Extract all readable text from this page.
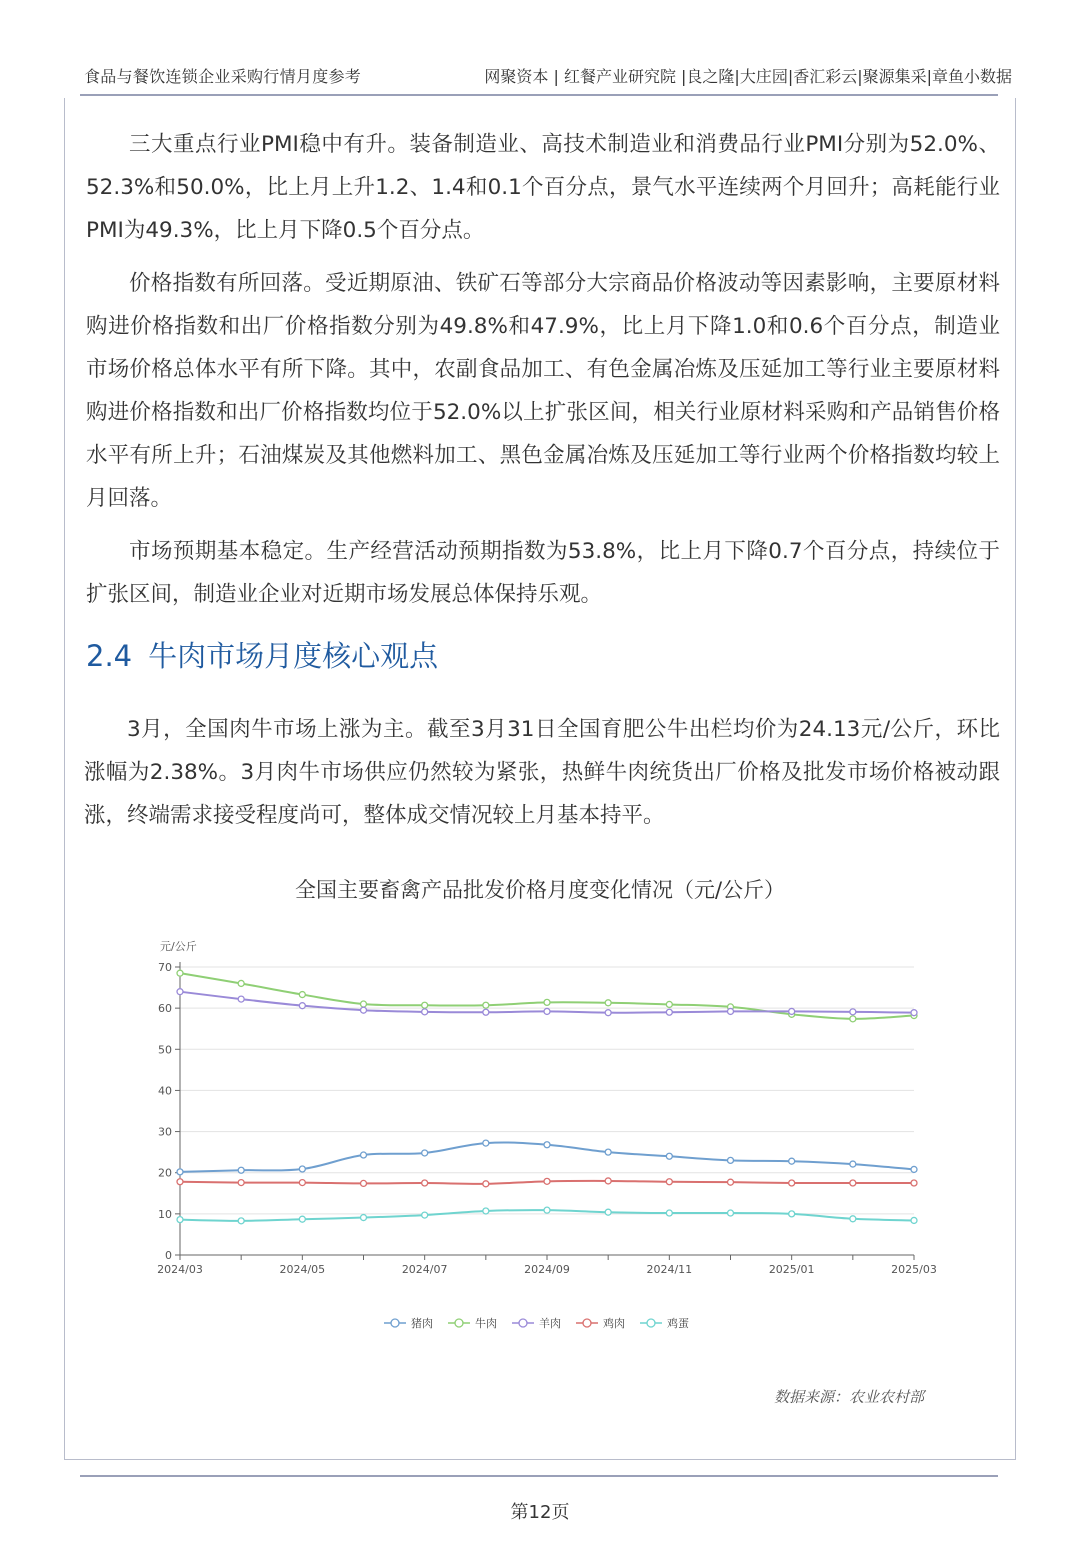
食品与餐饮连锁企业采购行情月度参考	网聚资本 | 红餐产业研究院 |良之隆|大庄园|香汇彩云|聚源集采|章鱼小数据

三大重点行业PMI稳中有升。装备制造业、高技术制造业和消费品行业PMI分别为52.0%、52.3%和50.0%，比上月上升1.2、1.4和0.1个百分点，景气水平连续两个月回升；高耗能行业PMI为49.3%，比上月下降0.5个百分点。

价格指数有所回落。受近期原油、铁矿石等部分大宗商品价格波动等因素影响，主要原材料购进价格指数和出厂价格指数分别为49.8%和47.9%，比上月下降1.0和0.6个百分点，制造业市场价格总体水平有所下降。其中，农副食品加工、有色金属冶炼及压延加工等行业主要原材料购进价格指数和出厂价格指数均位于52.0%以上扩张区间，相关行业原材料采购和产品销售价格水平有所上升；石油煤炭及其他燃料加工、黑色金属冶炼及压延加工等行业两个价格指数均较上月回落。

市场预期基本稳定。生产经营活动预期指数为53.8%，比上月下降0.7个百分点，持续位于扩张区间，制造业企业对近期市场发展总体保持乐观。

2.4 牛肉市场月度核心观点

3月，全国肉牛市场上涨为主。截至3月31日全国育肥公牛出栏均价为24.13元/公斤，环比涨幅为2.38%。3月肉牛市场供应仍然较为紧张，热鲜牛肉统货出厂价格及批发市场价格被动跟涨，终端需求接受程度尚可，整体成交情况较上月基本持平。

全国主要畜禽产品批发价格月度变化情况（元/公斤）
元/公斤
0
10
20
30
40
50
60
70
2024/03	2024/05	2024/07	2024/09	2024/11	2025/01	2025/03
猪肉	牛肉	羊肉	鸡肉	鸡蛋
数据来源：农业农村部
第12页
